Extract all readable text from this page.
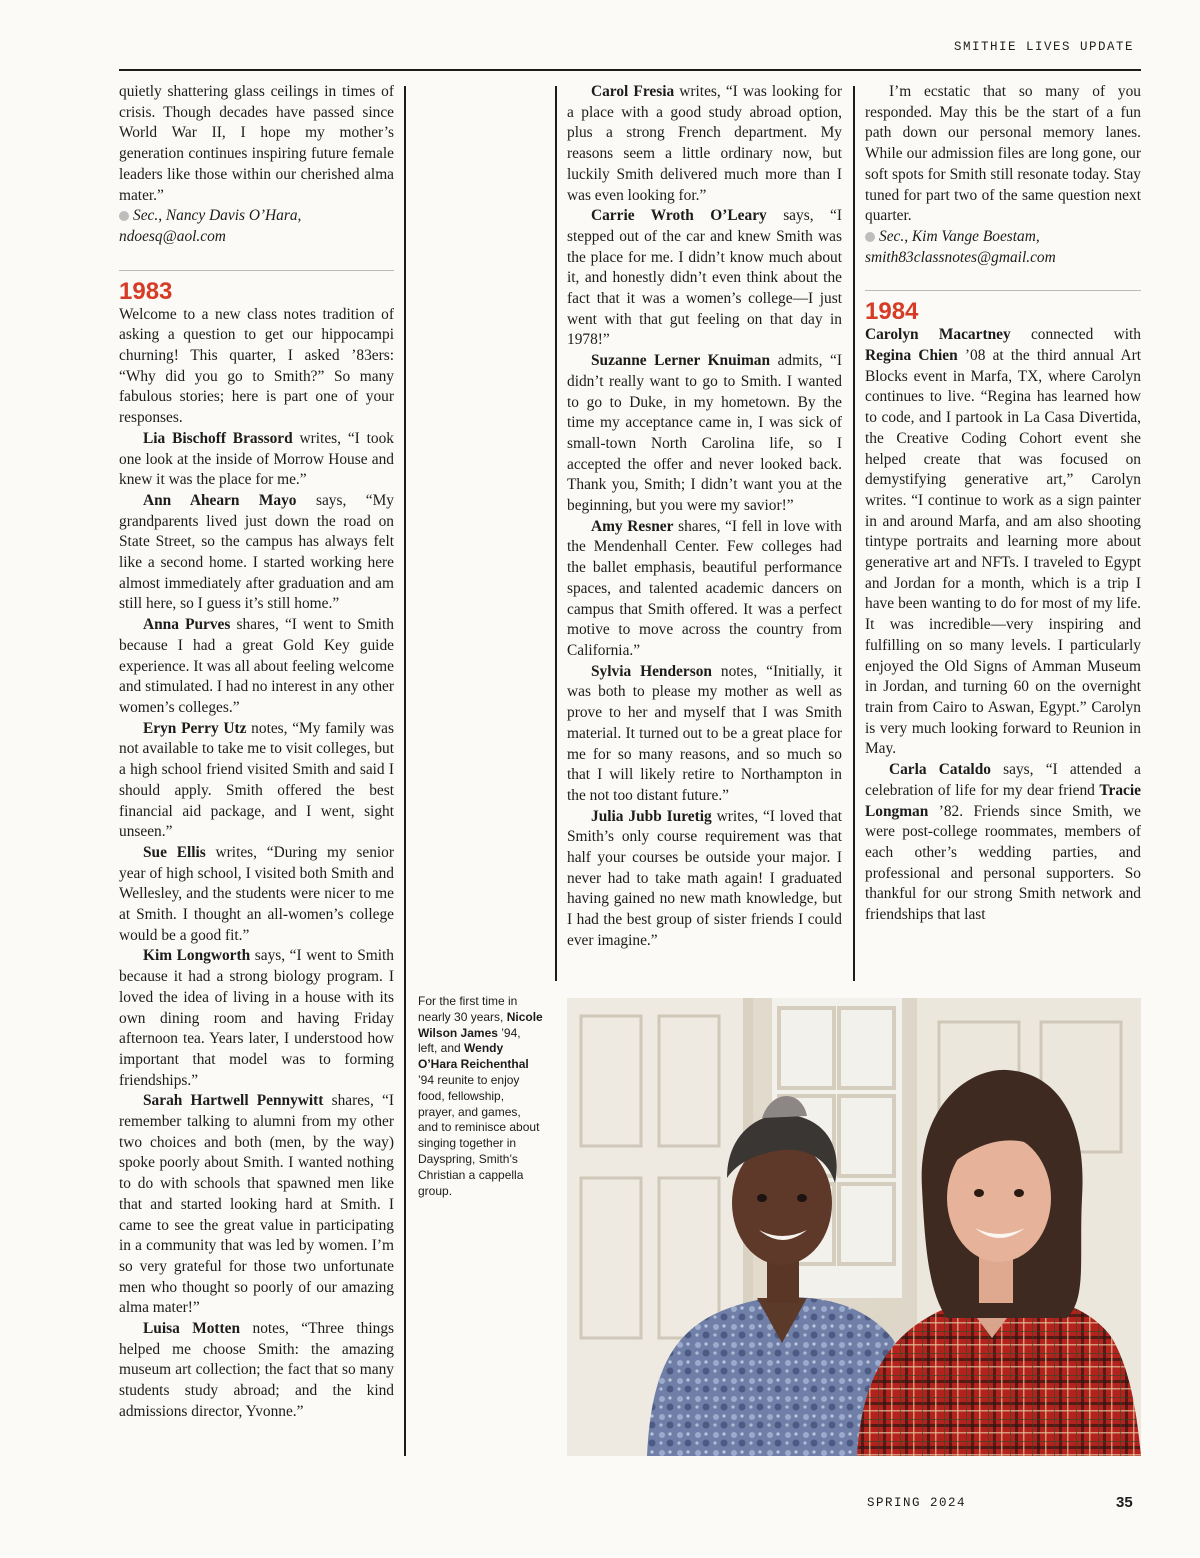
SMITHIE LIVES UPDATE

quietly shattering glass ceilings in times of crisis. Though decades have passed since World War II, I hope my mother’s generation continues inspiring future female leaders like those within our cherished alma mater.”

Sec., Nancy Davis O’Hara,
ndoesq@aol.com

1983

Welcome to a new class notes tradition of asking a question to get our hippocampi churning! This quarter, I asked ’83ers: “Why did you go to Smith?” So many fabulous stories; here is part one of your responses.

Lia Bischoff Brassord writes, “I took one look at the inside of Morrow House and knew it was the place for me.”

Ann Ahearn Mayo says, “My grandparents lived just down the road on State Street, so the campus has always felt like a second home. I started working here almost immediately after graduation and am still here, so I guess it’s still home.”

Anna Purves shares, “I went to Smith because I had a great Gold Key guide experience. It was all about feeling welcome and stimulated. I had no interest in any other women’s colleges.”

Eryn Perry Utz notes, “My family was not available to take me to visit colleges, but a high school friend visited Smith and said I should apply. Smith offered the best financial aid package, and I went, sight unseen.”

Sue Ellis writes, “During my senior year of high school, I visited both Smith and Wellesley, and the students were nicer to me at Smith. I thought an all-women’s college would be a good fit.”

Kim Longworth says, “I went to Smith because it had a strong biology program. I loved the idea of living in a house with its own dining room and having Friday afternoon tea. Years later, I understood how important that model was to forming friendships.”

Sarah Hartwell Pennywitt shares, “I remember talking to alumni from my other two choices and both (men, by the way) spoke poorly about Smith. I wanted nothing to do with schools that spawned men like that and started looking hard at Smith. I came to see the great value in participating in a community that was led by women. I’m so very grateful for those two unfortunate men who thought so poorly of our amazing alma mater!”

Luisa Motten notes, “Three things helped me choose Smith: the amazing museum art collection; the fact that so many students study abroad; and the kind admissions director, Yvonne.”

Carol Fresia writes, “I was looking for a place with a good study abroad option, plus a strong French department. My reasons seem a little ordinary now, but luckily Smith delivered much more than I was even looking for.”

Carrie Wroth O’Leary says, “I stepped out of the car and knew Smith was the place for me. I didn’t know much about it, and honestly didn’t even think about the fact that it was a women’s college—I just went with that gut feeling on that day in 1978!”

Suzanne Lerner Knuiman admits, “I didn’t really want to go to Smith. I wanted to go to Duke, in my hometown. By the time my acceptance came in, I was sick of small-town North Carolina life, so I accepted the offer and never looked back. Thank you, Smith; I didn’t want you at the beginning, but you were my savior!”

Amy Resner shares, “I fell in love with the Mendenhall Center. Few colleges had the ballet emphasis, beautiful performance spaces, and talented academic dancers on campus that Smith offered. It was a perfect motive to move across the country from California.”

Sylvia Henderson notes, “Initially, it was both to please my mother as well as prove to her and myself that I was Smith material. It turned out to be a great place for me for so many reasons, and so much so that I will likely retire to Northampton in the not too distant future.”

Julia Jubb Iuretig writes, “I loved that Smith’s only course requirement was that half your courses be outside your major. I never had to take math again! I graduated having gained no new math knowledge, but I had the best group of sister friends I could ever imagine.”

I’m ecstatic that so many of you responded. May this be the start of a fun path down our personal memory lanes. While our admission files are long gone, our soft spots for Smith still resonate today. Stay tuned for part two of the same question next quarter.

Sec., Kim Vange Boestam,
smith83classnotes@gmail.com

1984

Carolyn Macartney connected with Regina Chien ’08 at the third annual Art Blocks event in Marfa, TX, where Carolyn continues to live. “Regina has learned how to code, and I partook in La Casa Divertida, the Creative Coding Cohort event she helped create that was focused on demystifying generative art,” Carolyn writes. “I continue to work as a sign painter in and around Marfa, and am also shooting tintype portraits and learning more about generative art and NFTs. I traveled to Egypt and Jordan for a month, which is a trip I have been wanting to do for most of my life. It was incredible—very inspiring and fulfilling on so many levels. I particularly enjoyed the Old Signs of Amman Museum in Jordan, and turning 60 on the overnight train from Cairo to Aswan, Egypt.” Carolyn is very much looking forward to Reunion in May.

Carla Cataldo says, “I attended a celebration of life for my dear friend Tracie Longman ’82. Friends since Smith, we were post-college roommates, members of each other’s wedding parties, and professional and personal supporters. So thankful for our strong Smith network and friendships that last

For the first time in nearly 30 years, Nicole Wilson James ’94, left, and Wendy O’Hara Reichenthal ’94 reunite to enjoy food, fellowship, prayer, and games, and to reminisce about singing together in Dayspring, Smith’s Christian a cappella group.
SPRING 2024	35
